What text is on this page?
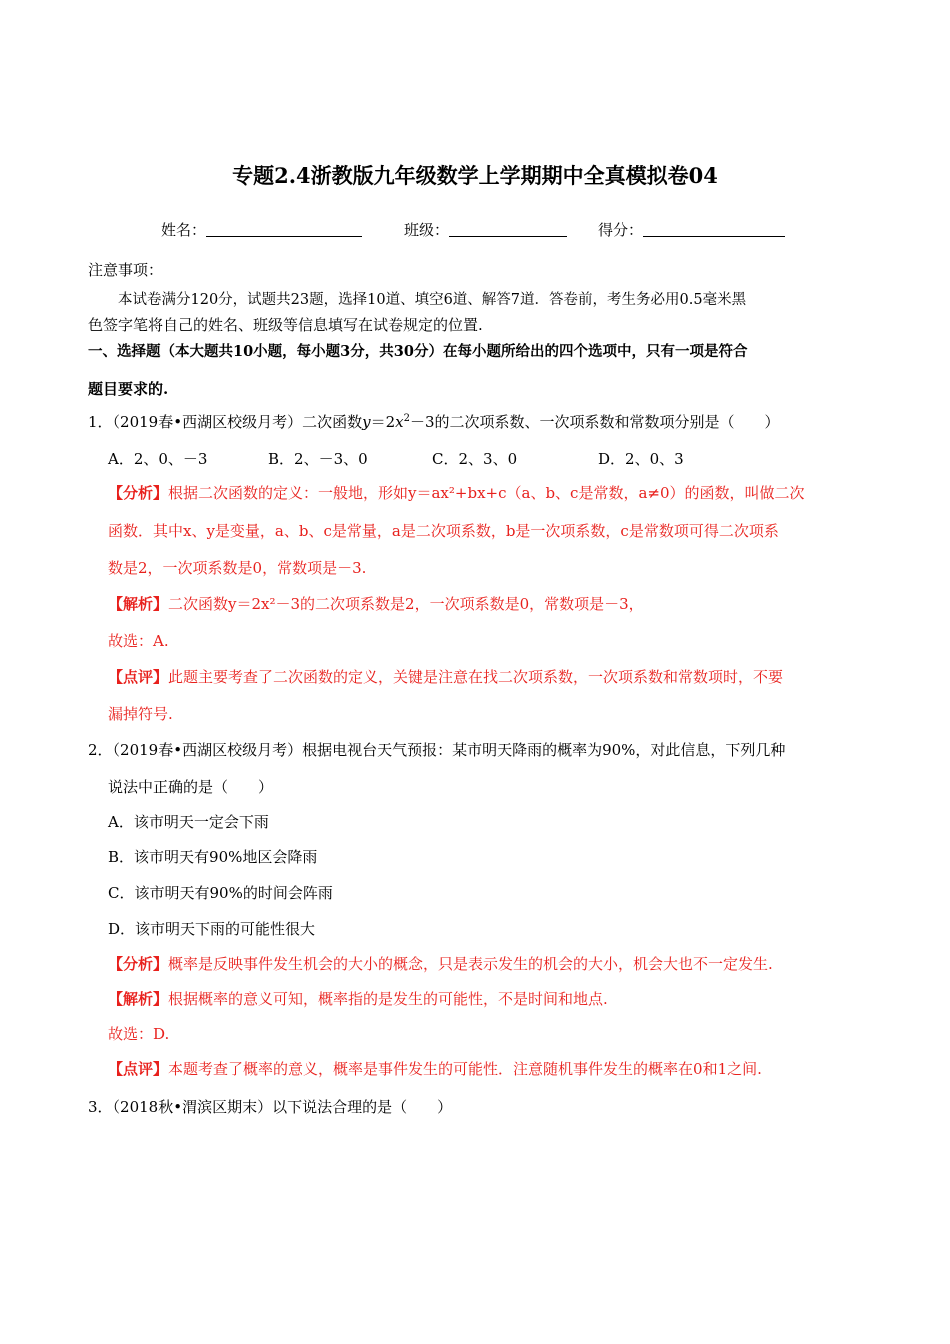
专题2.4浙教版九年级数学上学期期中全真模拟卷04
姓名：	班级：	得分：
注意事项：
本试卷满分120分，试题共23题，选择10道、填空6道、解答7道．答卷前，考生务必用0.5毫米黑
色签字笔将自己的姓名、班级等信息填写在试卷规定的位置.
一、选择题（本大题共10小题，每小题3分，共30分）在每小题所给出的四个选项中，只有一项是符合
题目要求的.
1．（2019春•西湖区校级月考）二次函数$y=2x^2-3$的二次项系数、一次项系数和常数项分别是（　　）
A．2、0、－3	B．2、－3、0	C．2、3、0	D．2、0、3
【分析】根据二次函数的定义：一般地，形如y＝ax²+bx+c（a、b、c是常数，a≠0）的函数，叫做二次
函数．其中x、y是变量，a、b、c是常量，a是二次项系数，b是一次项系数，c是常数项可得二次项系
数是2，一次项系数是0，常数项是－3.
【解析】二次函数y＝2x²－3的二次项系数是2，一次项系数是0，常数项是－3，
故选：A.
【点评】此题主要考查了二次函数的定义，关键是注意在找二次项系数，一次项系数和常数项时，不要
漏掉符号.
2．（2019春•西湖区校级月考）根据电视台天气预报：某市明天降雨的概率为90%，对此信息，下列几种
说法中正确的是（　　）
A．该市明天一定会下雨
B．该市明天有90%地区会降雨
C．该市明天有90%的时间会阵雨
D．该市明天下雨的可能性很大
【分析】概率是反映事件发生机会的大小的概念，只是表示发生的机会的大小，机会大也不一定发生.
【解析】根据概率的意义可知，概率指的是发生的可能性，不是时间和地点.
故选：D.
【点评】本题考查了概率的意义，概率是事件发生的可能性．注意随机事件发生的概率在0和1之间.
3．（2018秋•渭滨区期末）以下说法合理的是（　　）
